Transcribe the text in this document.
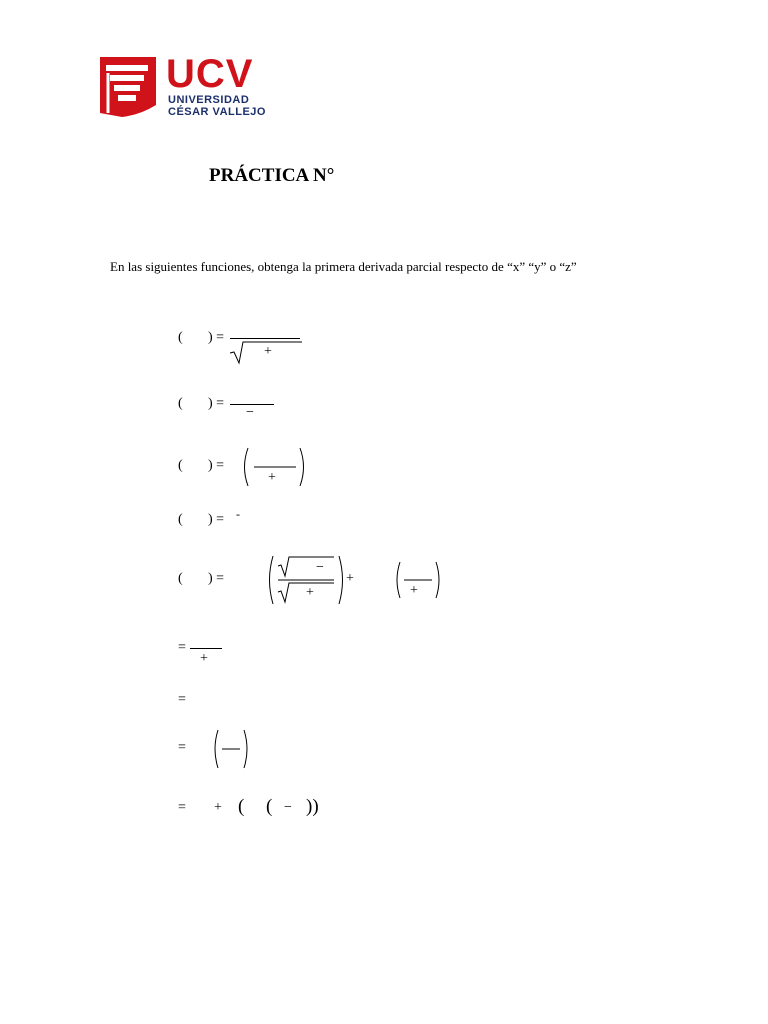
UCV
UNIVERSIDAD
CÉSAR VALLEJO
PRÁCTICA N°
En las siguientes funciones, obtenga la primera derivada parcial respecto de “x” “y” o “z”
( ) =
+
( ) =
−
( ) =
+
( ) = -
( ) =
−
+
+
+
=
+
=
=
= + ( ( − ))
